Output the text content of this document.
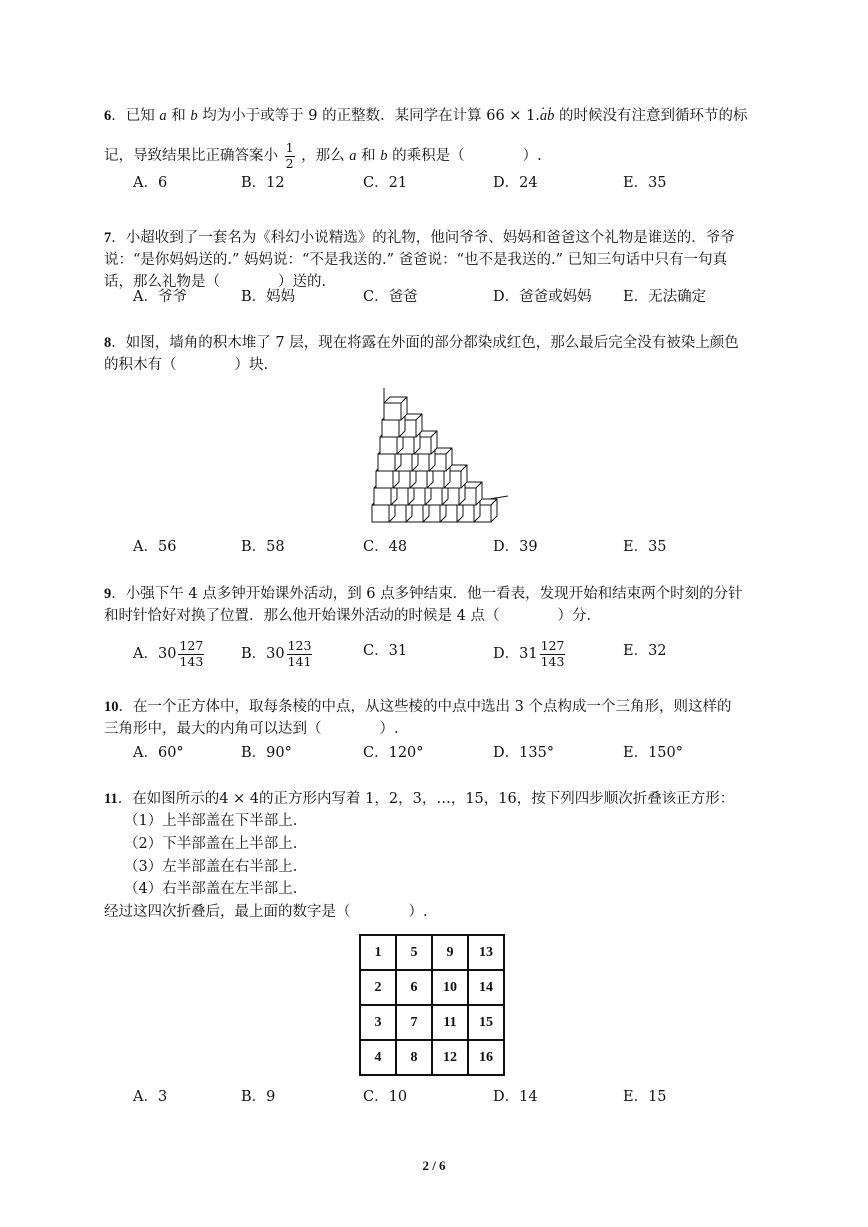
6．已知 a 和 b 均为小于或等于 9 的正整数．某同学在计算 66 × 1.a .b . 的时候没有注意到循环节的标
记，导致结果比正确答案小 $\frac{1}{2}$ ，那么 a 和 b 的乘积是（　　　　）.
A．6	B．12	C．21	D．24	E．35
7．小超收到了一套名为《科幻小说精选》的礼物，他问爷爷、妈妈和爸爸这个礼物是谁送的．爷爷
说：“是你妈妈送的.” 妈妈说：“不是我送的.” 爸爸说：“也不是我送的.” 已知三句话中只有一句真
话，那么礼物是（　　　　）送的.
A．爷爷	B．妈妈	C．爸爸	D．爸爸或妈妈 E．无法确定
8．如图，墙角的积木堆了 7 层，现在将露在外面的部分都染成红色，那么最后完全没有被染上颜色
的积木有（　　　　）块.
A．56	B．58	C．48	D．39	E．35
9．小强下午 4 点多钟开始课外活动，到 6 点多钟结束．他一看表，发现开始和结束两个时刻的分针
和时针恰好对换了位置．那么他开始课外活动的时候是 4 点（　　　　）分.
A． $30 \frac{127}{143}$	B． $30 \frac{123}{141}$	C．31	D． $31 \frac{127}{143}$	E．32
10．在一个正方体中，取每条棱的中点，从这些棱的中点中选出 3 个点构成一个三角形，则这样的
三角形中，最大的内角可以达到（　　　　）.
A．60°	B．90°	C．120°	D．135°	E．150°
11．在如图所示的4 × 4的正方形内写着 1，2，3，…，15，16，按下列四步顺次折叠该正方形：
（1）上半部盖在下半部上.
（2）下半部盖在上半部上.
（3）左半部盖在右半部上.
（4）右半部盖在左半部上.
经过这四次折叠后，最上面的数字是（　　　　）.
1	5	9	13
2	6	10	14
3	7	11	15
4	8	12	16
A．3	B．9	C．10	D．14	E．15
2 / 6
